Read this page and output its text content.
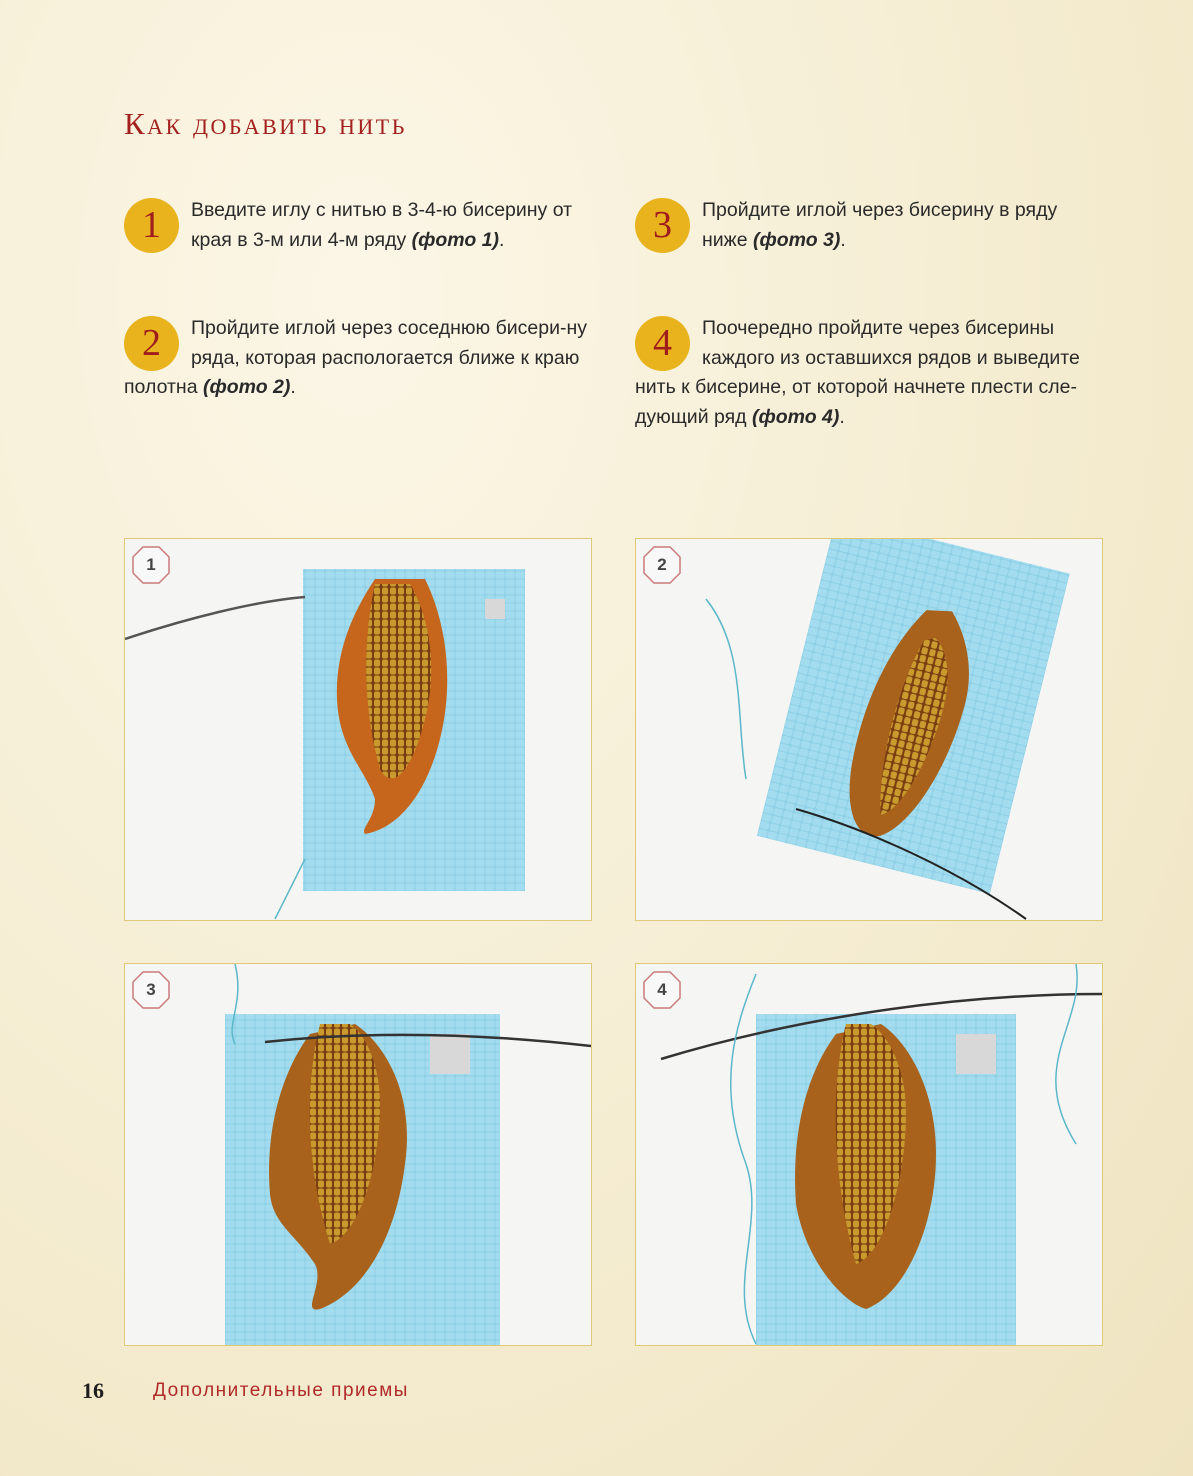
Как добавить нить
1	Введите иглу с нитью в 3-4-ю бисерину от края в 3-м или 4-м ряду (фото 1).
2	Пройдите иглой через соседнюю бисери-ну ряда, которая распологается ближе к краю полотна (фото 2).
3	Пройдите иглой через бисерину в ряду ниже (фото 3).
4	Поочередно пройдите через бисерины каждого из оставшихся рядов и выведите нить к бисерине, от которой начнете плести сле-дующий ряд (фото 4).
1	2
3	4
16	Дополнительные приемы
